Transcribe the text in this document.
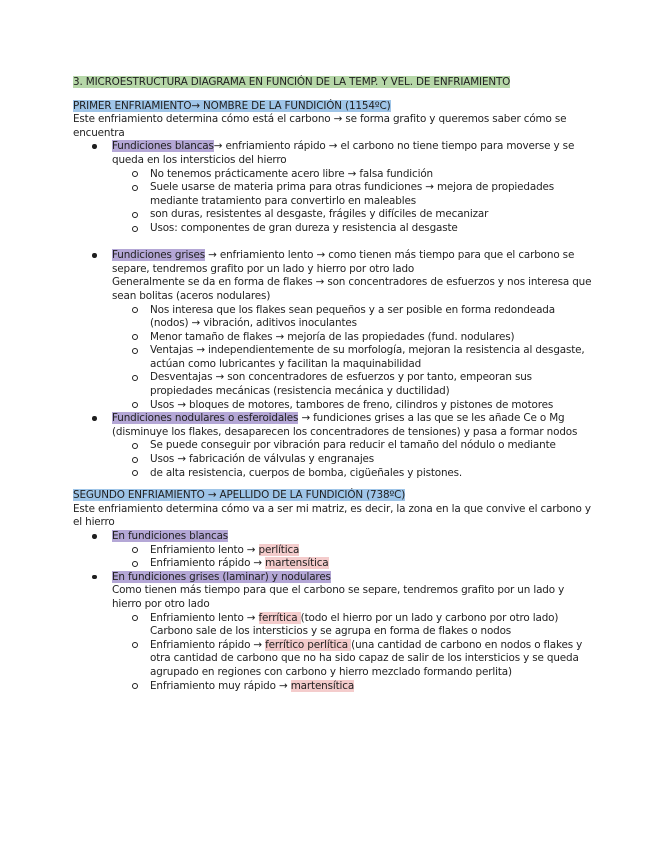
3. MICROESTRUCTURA DIAGRAMA EN FUNCIÓN DE LA TEMP. Y VEL. DE ENFRIAMIENTO

PRIMER ENFRIAMIENTO→ NOMBRE DE LA FUNDICIÓN (1154ºC)

Este enfriamiento determina cómo está el carbono → se forma grafito y queremos saber cómo se encuentra

Fundiciones blancas→ enfriamiento rápido → el carbono no tiene tiempo para moverse y se queda en los intersticios del hierro
No tenemos prácticamente acero libre → falsa fundición
Suele usarse de materia prima para otras fundiciones → mejora de propiedades mediante tratamiento para convertirlo en maleables
son duras, resistentes al desgaste, frágiles y difíciles de mecanizar
Usos: componentes de gran dureza y resistencia al desgaste
Fundiciones grises → enfriamiento lento → como tienen más tiempo para que el carbono se separe, tendremos grafito por un lado y hierro por otro lado
Generalmente se da en forma de flakes → son concentradores de esfuerzos y nos interesa que sean bolitas (aceros nodulares)
Nos interesa que los flakes sean pequeños y a ser posible en forma redondeada (nodos) → vibración, aditivos inoculantes
Menor tamaño de flakes → mejoría de las propiedades (fund. nodulares)
Ventajas → independientemente de su morfología, mejoran la resistencia al desgaste, actúan como lubricantes y facilitan la maquinabilidad
Desventajas → son concentradores de esfuerzos y por tanto, empeoran sus propiedades mecánicas (resistencia mecánica y ductilidad)
Usos → bloques de motores, tambores de freno, cilindros y pistones de motores
Fundiciones nodulares o esferoidales → fundiciones grises a las que se les añade Ce o Mg (disminuye los flakes, desaparecen los concentradores de tensiones) y pasa a formar nodos
Se puede conseguir por vibración para reducir el tamaño del nódulo o mediante
Usos → fabricación de válvulas y engranajes
de alta resistencia, cuerpos de bomba, cigüeñales y pistones.

SEGUNDO ENFRIAMIENTO → APELLIDO DE LA FUNDICIÓN (738ºC)

Este enfriamiento determina cómo va a ser mi matriz, es decir, la zona en la que convive el carbono y el hierro

En fundiciones blancas
Enfriamiento lento → perlítica
Enfriamiento rápido → martensítica
En fundiciones grises (laminar) y nodulares
Como tienen más tiempo para que el carbono se separe, tendremos grafito por un lado y hierro por otro lado
Enfriamiento lento → ferrítica (todo el hierro por un lado y carbono por otro lado) Carbono sale de los intersticios y se agrupa en forma de flakes o nodos
Enfriamiento rápido → ferrítico perlítica (una cantidad de carbono en nodos o flakes y otra cantidad de carbono que no ha sido capaz de salir de los intersticios y se queda agrupado en regiones con carbono y hierro mezclado formando perlita)
Enfriamiento muy rápido → martensítica
